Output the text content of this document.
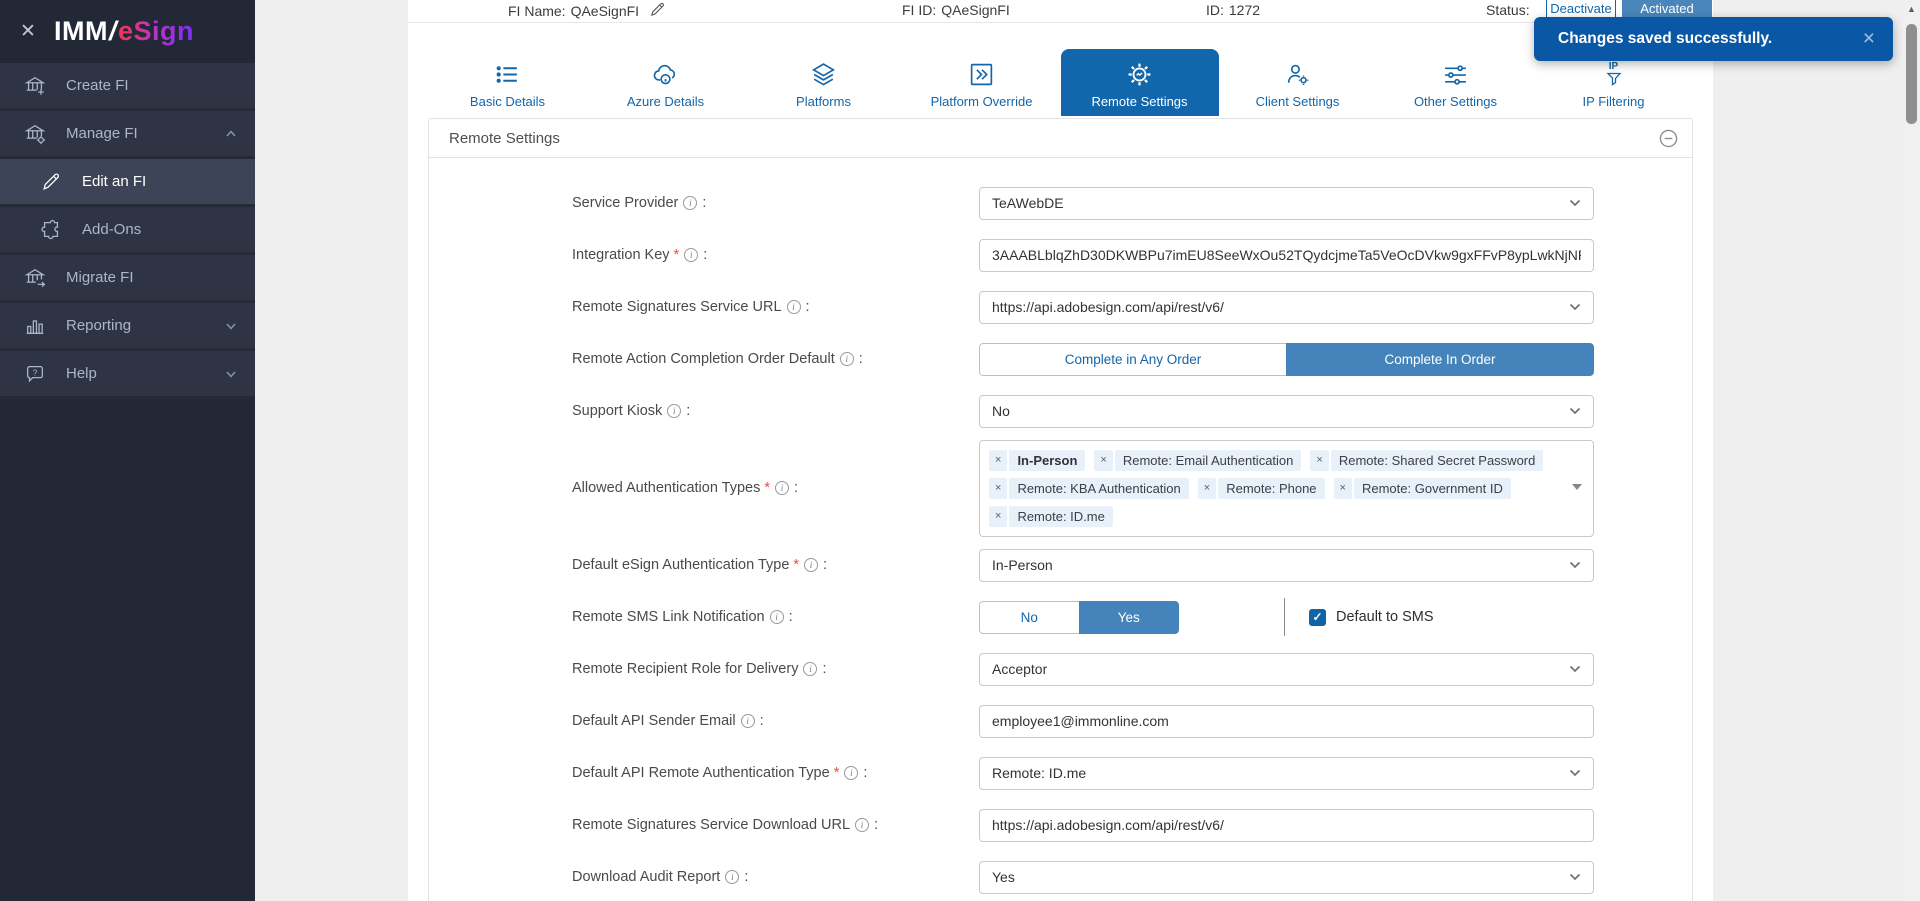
✕ IMM/eSign
Create FI
Manage FI
Edit an FI
Add-Ons
Migrate FI
Reporting
? Help
FI Name: QAeSignFI	FI ID: QAeSignFI	ID: 1272	Status:	Deactivate	Activated
Basic Details	Azure Details	Platforms	Platform Override	Remote Settings	Client Settings	Other Settings
IP
IP Filtering
Remote Settings
Service Provider	i :	TeAWebDE
Integration Key *	i :
3AAABLblqZhD30DKWBPu7imEU8SeeWxOu52TQydcjmeTa5VeOcDVkw9gxFFvP8ypLwkNjNPv
Remote Signatures Service URL	i :	https://api.adobesign.com/api/rest/v6/
Remote Action Completion Order Default	i :	Complete in Any Order	Complete In Order
Support Kiosk	i :	No
Allowed Authentication Types *	i :
×	In-Person	×	Remote: Email Authentication	×	Remote: Shared Secret Password
×	Remote: KBA Authentication	×	Remote: Phone	×	Remote: Government ID
×	Remote: ID.me
Default eSign Authentication Type *	i :	In-Person
Remote SMS Link Notification	i :	No	Yes	✓ Default to SMS
Remote Recipient Role for Delivery	i :	Acceptor
Default API Sender Email	i :
employee1@immonline.com
Default API Remote Authentication Type *	i :	Remote: ID.me
Remote Signatures Service Download URL	i :
https://api.adobesign.com/api/rest/v6/
Download Audit Report	i :	Yes
Changes saved successfully.	×
▲
